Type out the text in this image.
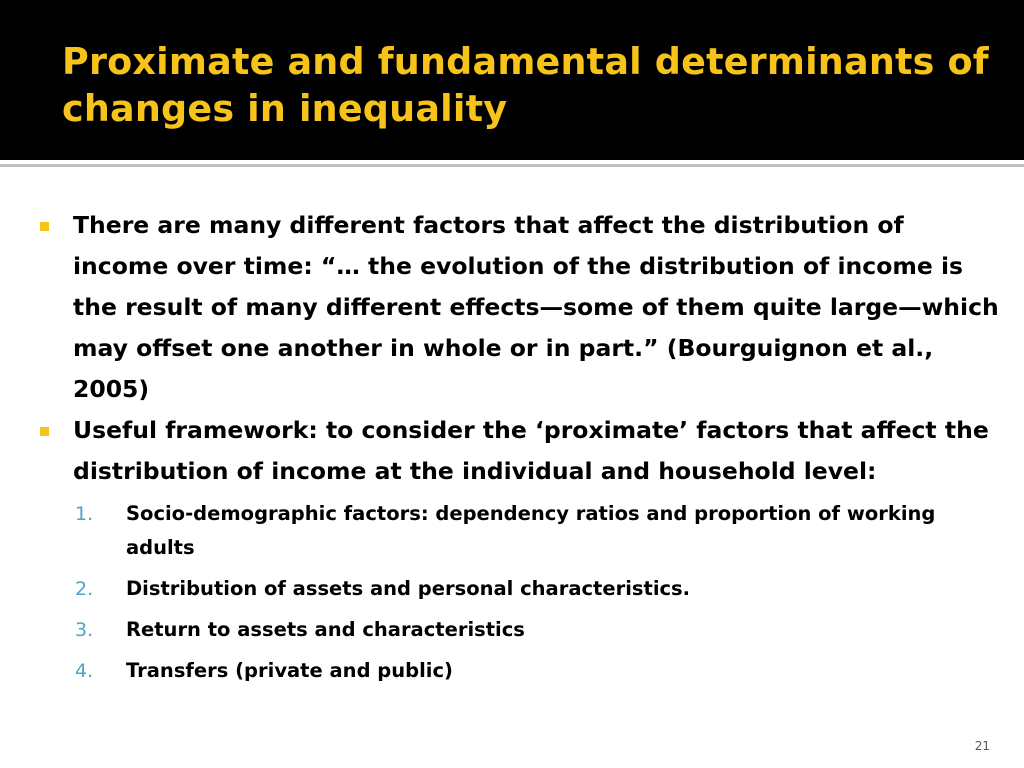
Proximate and fundamental determinants of changes in inequality
There are many different factors that affect the distribution of income over time: “… the evolution of the distribution of income is the result of many different effects—some of them quite large—which may offset one another in whole or in part.” (Bourguignon et al., 2005)
Useful framework: to consider the ‘proximate’ factors that affect the distribution of income at the individual and household level:
1. Socio-demographic factors: dependency ratios and proportion of working adults
2. Distribution of assets and personal characteristics.
3. Return to assets and characteristics
4. Transfers (private and public)
21
